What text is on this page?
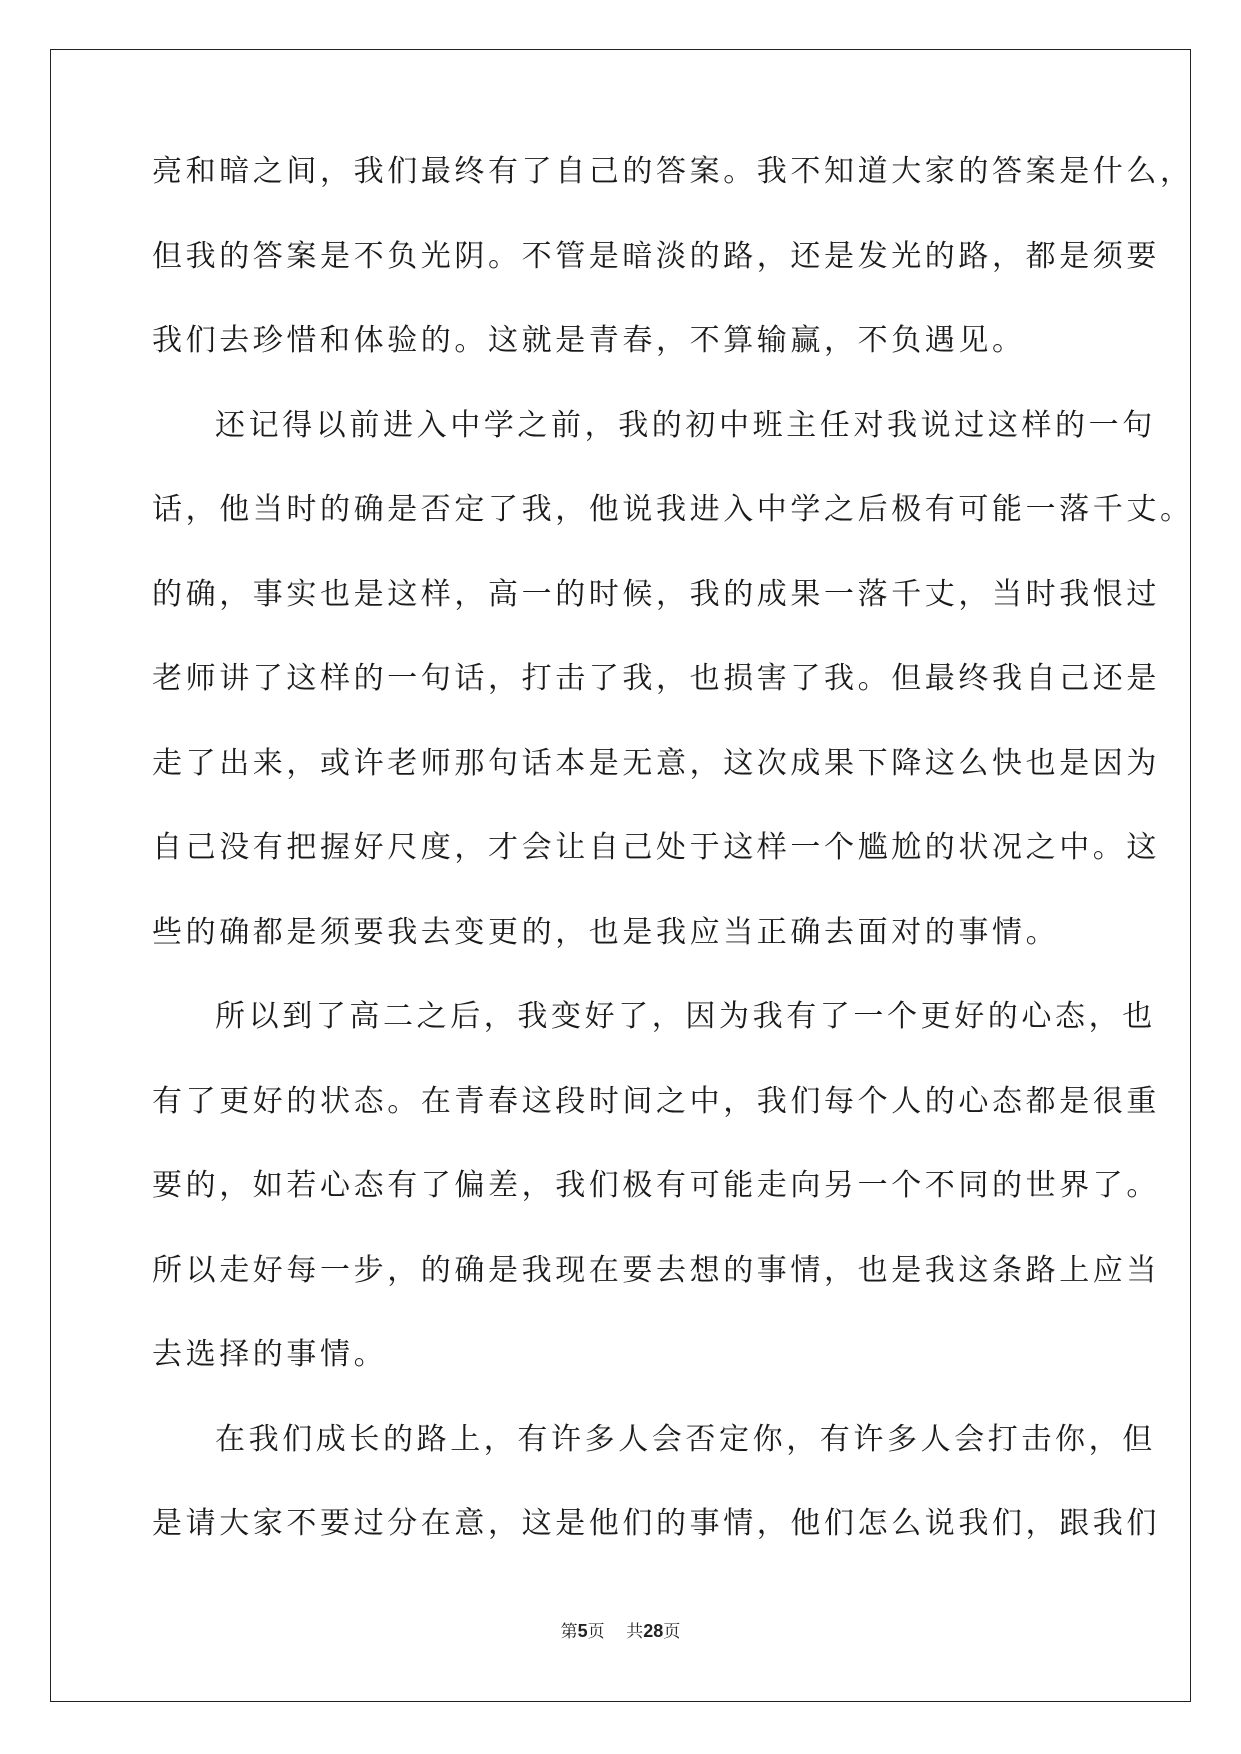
亮和暗之间，我们最终有了自己的答案。我不知道大家的答案是什么，
但我的答案是不负光阴。不管是暗淡的路，还是发光的路，都是须要
我们去珍惜和体验的。这就是青春，不算输赢，不负遇见。
还记得以前进入中学之前，我的初中班主任对我说过这样的一句
话，他当时的确是否定了我，他说我进入中学之后极有可能一落千丈。
的确，事实也是这样，高一的时候，我的成果一落千丈，当时我恨过
老师讲了这样的一句话，打击了我，也损害了我。但最终我自己还是
走了出来，或许老师那句话本是无意，这次成果下降这么快也是因为
自己没有把握好尺度，才会让自己处于这样一个尴尬的状况之中。这
些的确都是须要我去变更的，也是我应当正确去面对的事情。
所以到了高二之后，我变好了，因为我有了一个更好的心态，也
有了更好的状态。在青春这段时间之中，我们每个人的心态都是很重
要的，如若心态有了偏差，我们极有可能走向另一个不同的世界了。
所以走好每一步，的确是我现在要去想的事情，也是我这条路上应当
去选择的事情。
在我们成长的路上，有许多人会否定你，有许多人会打击你，但
是请大家不要过分在意，这是他们的事情，他们怎么说我们，跟我们
第5页 共28页
